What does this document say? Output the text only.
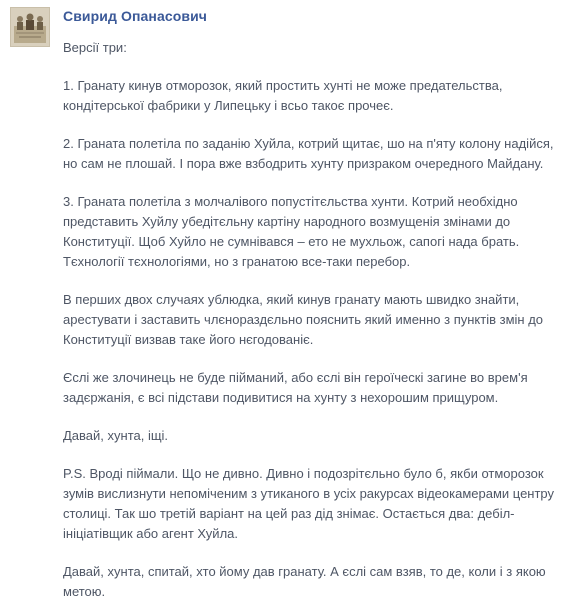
Свирид Опанасович

Версії три:

1. Гранату кинув отморозок, який простить хунті не може предательства, кондітерської фабрики у Липецьку і всьо такоє прочеє.

2. Граната полетіла по заданію Хуйла, котрий щитає, шо на п'яту колону надійся, но сам не плошай. І пора вже взбодрить хунту призраком очередного Майдану.

3. Граната полетіла з молчалівого попустітєльства хунти. Котрий необхідно представить Хуйлу убедітєльну картіну народного возмущенія змінами до Конституції. Щоб Хуйло не сумнівався – ето не мухльож, сапогі нада брать. Тєхнології тєхнологіями, но з гранатою все-таки перебор.

В перших двох случаях ублюдка, який кинув гранату мають швидко знайти, арестувати і заставить члєнораздєльно пояснить який именно з пунктів змін до Конституції визвав таке його нєгодованіє.

Єслі же злочинець не буде пійманий, або єслі він героїческі загине во врем'я задєржанія, є всі підстави подивитися на хунту з нехорошим прищуром.

Давай, хунта, іщі.

P.S. Вроді піймали. Що не дивно. Дивно і подозрітєльно було б, якби отморозок зумів вислизнути непоміченим з утиканого в усіх ракурсах відеокамерами центру столиці. Так шо третій варіант на цей раз дід знімає. Остається два: дебіл-ініціатівщик або агент Хуйла.

Давай, хунта, спитай, хто йому дав гранату. А єслі сам взяв, то де, коли і з якою метою.
